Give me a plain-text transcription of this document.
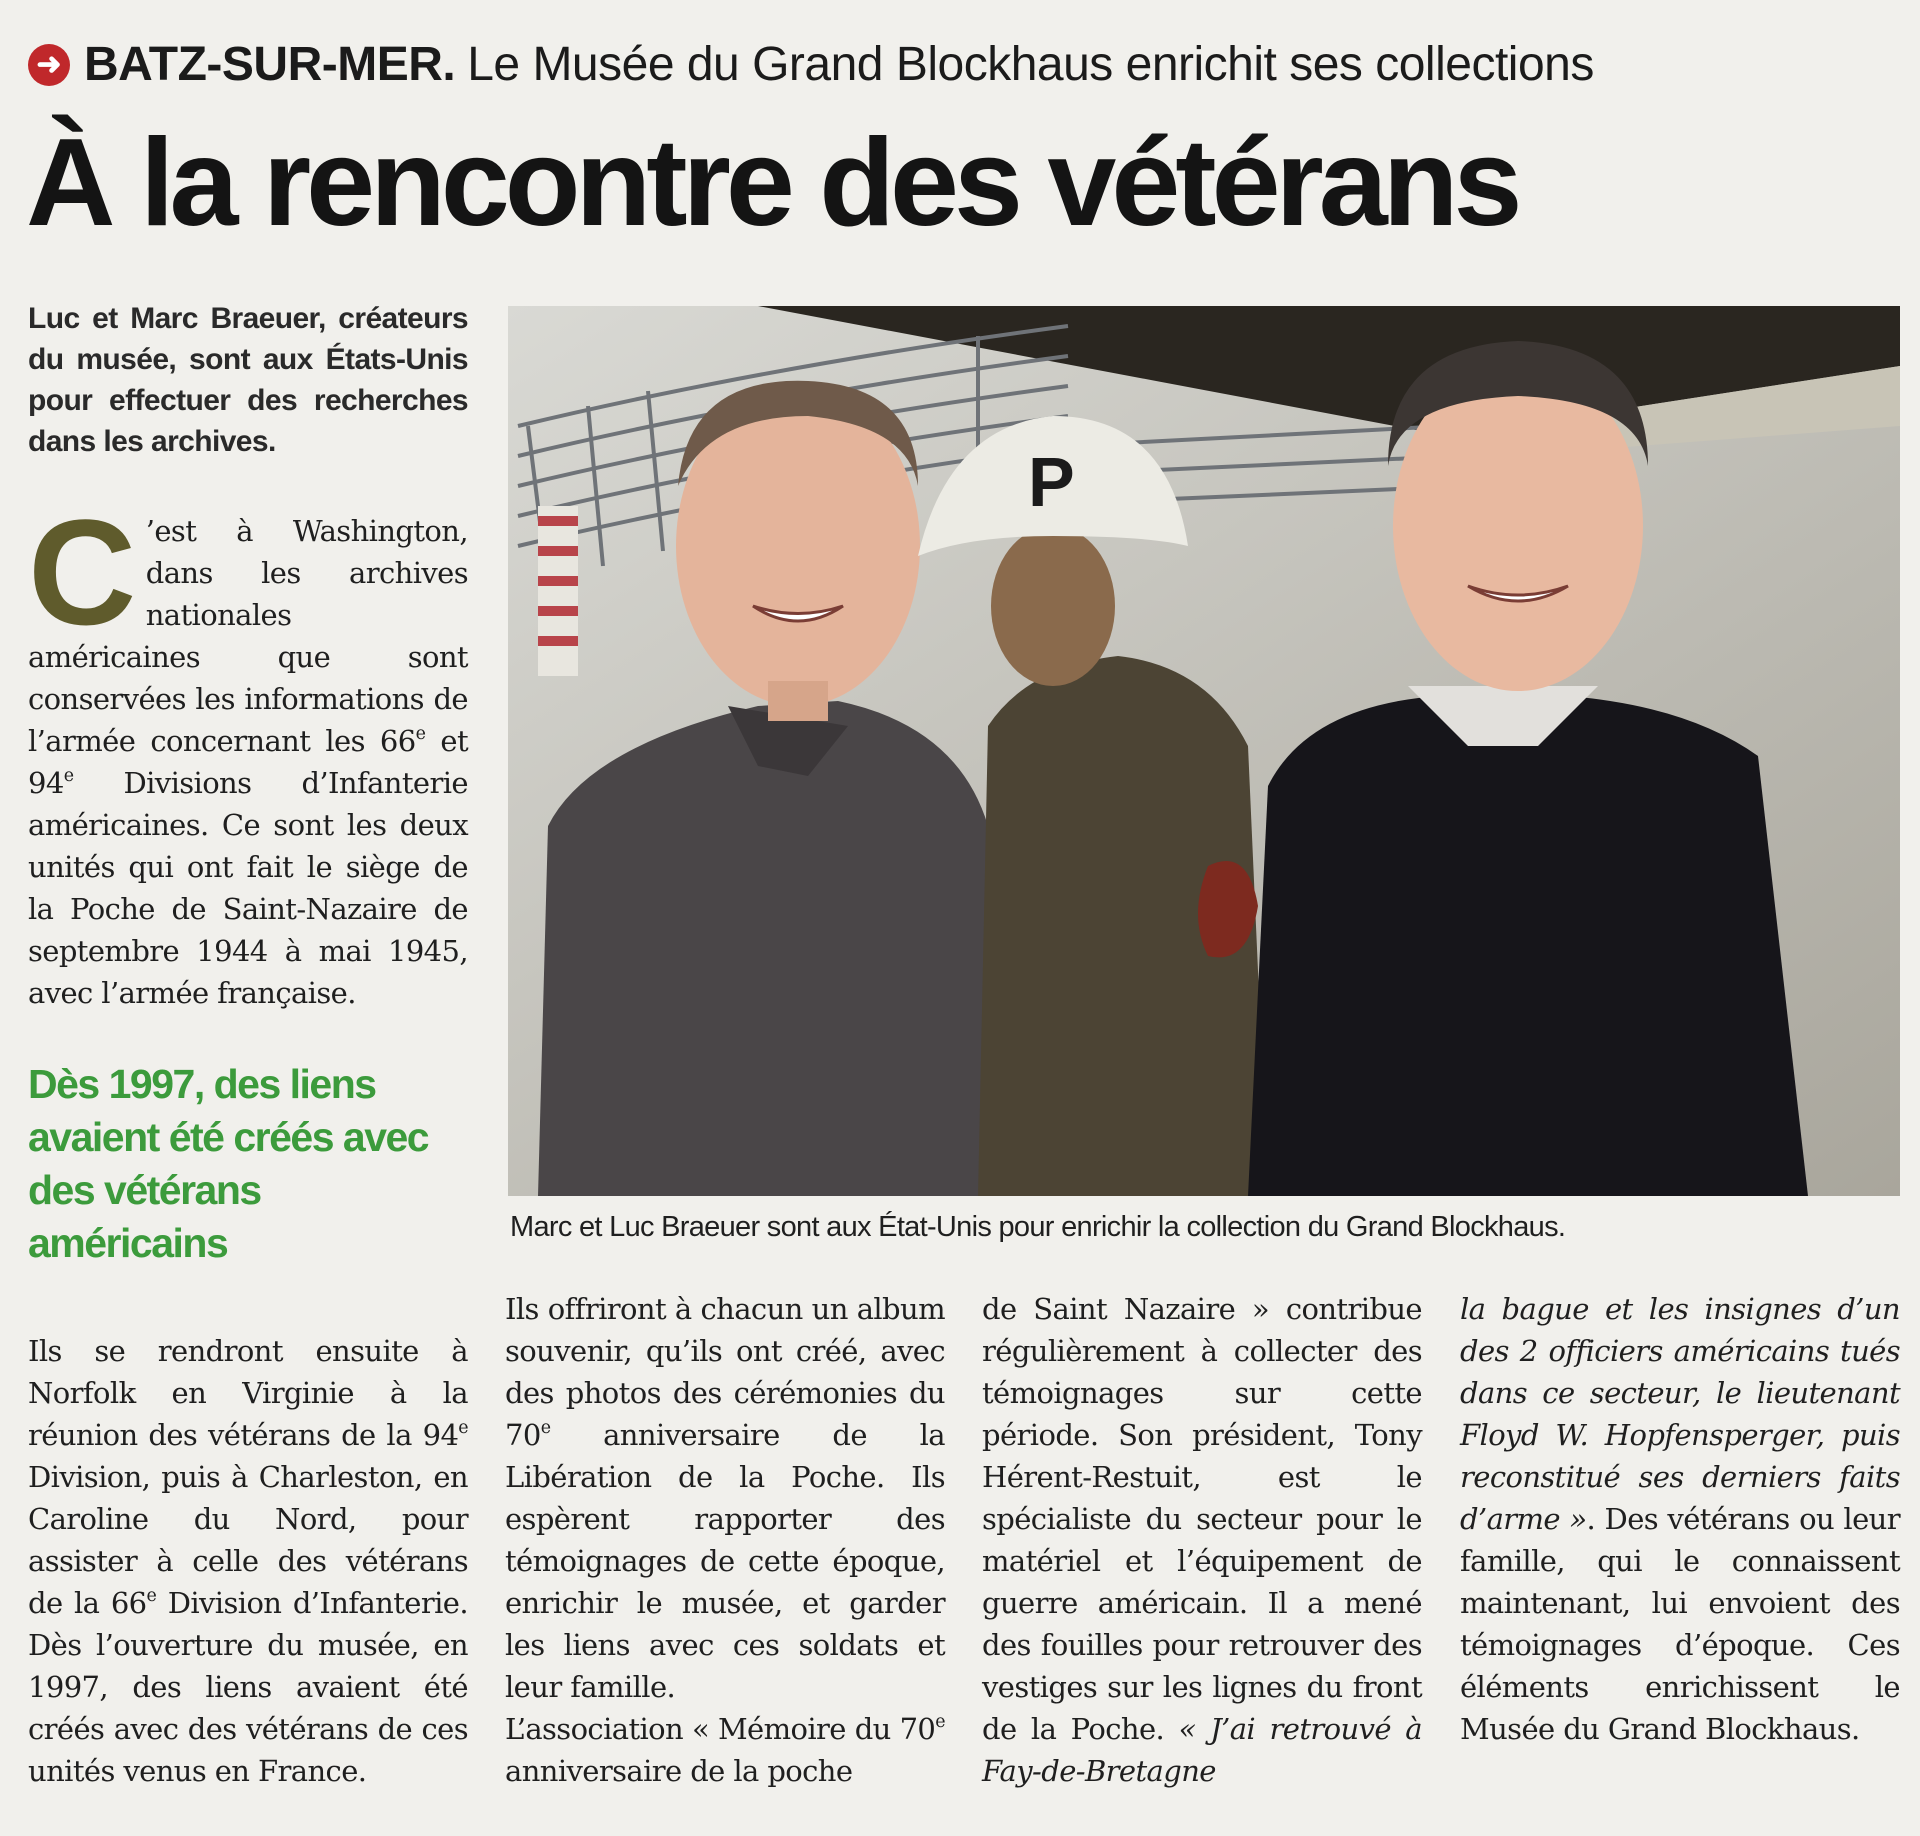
➜ BATZ-SUR-MER. Le Musée du Grand Blockhaus enrichit ses collections
À la rencontre des vétérans
Luc et Marc Braeuer, créateurs du musée, sont aux États-Unis pour effectuer des recherches dans les archives.
C ’est à Washington, dans les archives nationales américaines que sont conservées les informations de l’armée concernant les 66e et 94e Divisions d’Infanterie américaines. Ce sont les deux unités qui ont fait le siège de la Poche de Saint-Nazaire de septembre 1944 à mai 1945, avec l’armée française.
Dès 1997, des liens avaient été créés avec des vétérans américains
P
Marc et Luc Braeuer sont aux État-Unis pour enrichir la collection du Grand Blockhaus.

Ils se rendront ensuite à Norfolk en Virginie à la réunion des vétérans de la 94e Division, puis à Charleston, en Caroline du Nord, pour assister à celle des vétérans de la 66e Division d’Infanterie. Dès l’ouverture du musée, en 1997, des liens avaient été créés avec des vétérans de ces unités venus en France.

Ils offriront à chacun un album souvenir, qu’ils ont créé, avec des photos des cérémonies du 70e anniversaire de la Libération de la Poche. Ils espèrent rapporter des témoignages de cette époque, enrichir le musée, et garder les liens avec ces soldats et leur famille.

L’association « Mémoire du 70e anniversaire de la poche

de Saint Nazaire » contribue régulièrement à collecter des témoignages sur cette période. Son président, Tony Hérent-Restuit, est le spécialiste du secteur pour le matériel et l’équipement de guerre américain. Il a mené des fouilles pour retrouver des vestiges sur les lignes du front de la Poche. « J’ai retrouvé à Fay-de-Bretagne

la bague et les insignes d’un des 2 officiers américains tués dans ce secteur, le lieutenant Floyd W. Hopfensperger, puis reconstitué ses derniers faits d’arme ». Des vétérans ou leur famille, qui le connaissent maintenant, lui envoient des témoignages d’époque. Ces éléments enrichissent le Musée du Grand Blockhaus.
